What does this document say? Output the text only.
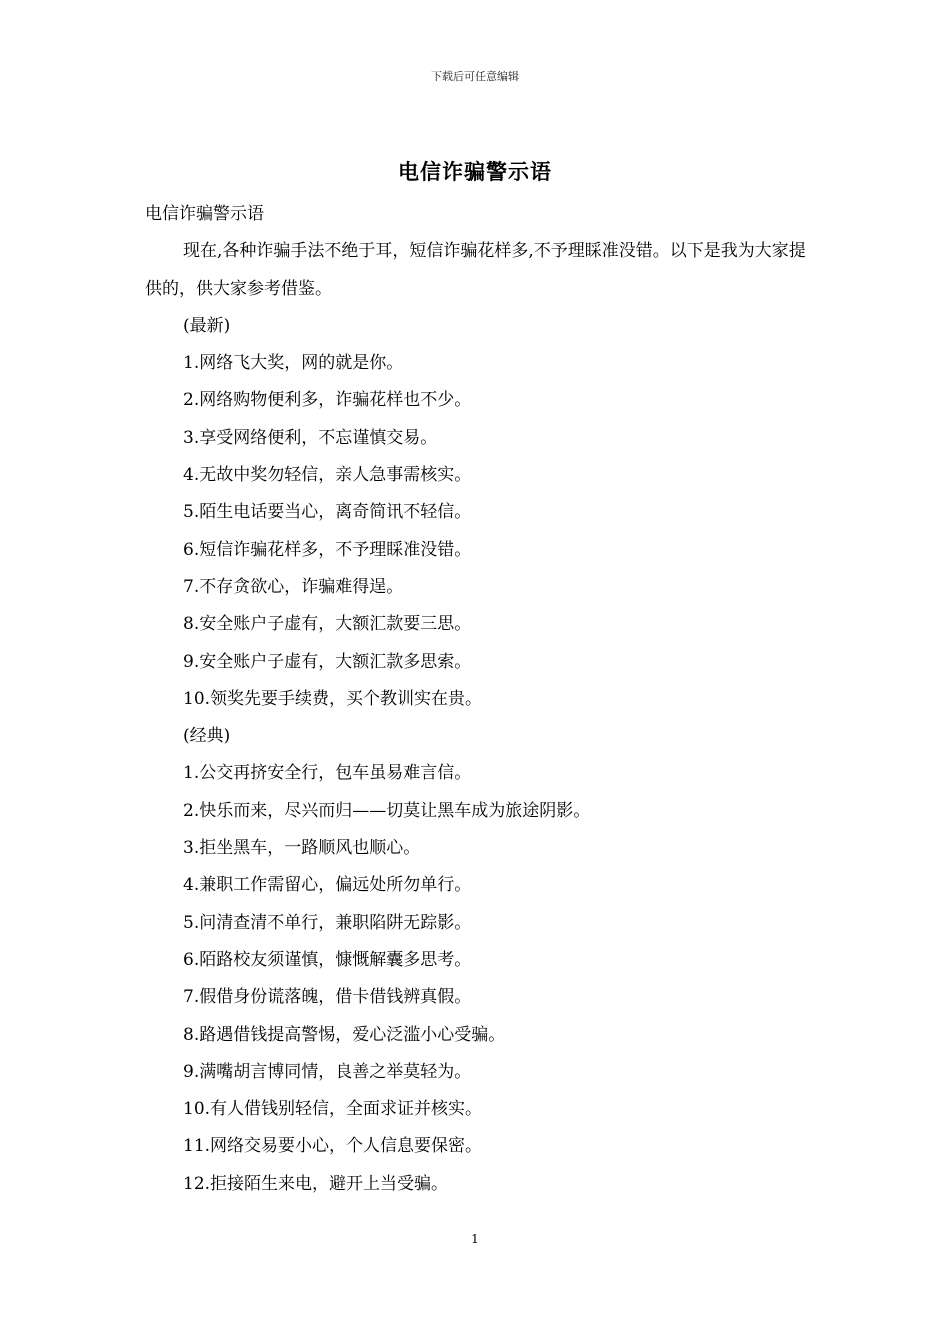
下载后可任意编辑
电信诈骗警示语

电信诈骗警示语

现在,各种诈骗手法不绝于耳，短信诈骗花样多,不予理睬准没错。以下是我为大家提供的，供大家参考借鉴。

(最新)

1.网络飞大奖，网的就是你。

2.网络购物便利多，诈骗花样也不少。

3.享受网络便利，不忘谨慎交易。

4.无故中奖勿轻信，亲人急事需核实。

5.陌生电话要当心，离奇简讯不轻信。

6.短信诈骗花样多，不予理睬准没错。

7.不存贪欲心，诈骗难得逞。

8.安全账户子虚有，大额汇款要三思。

9.安全账户子虚有，大额汇款多思索。

10.领奖先要手续费，买个教训实在贵。

(经典)

1.公交再挤安全行，包车虽易难言信。

2.快乐而来，尽兴而归——切莫让黑车成为旅途阴影。

3.拒坐黑车，一路顺风也顺心。

4.兼职工作需留心，偏远处所勿单行。

5.问清查清不单行，兼职陷阱无踪影。

6.陌路校友须谨慎，慷慨解囊多思考。

7.假借身份谎落魄，借卡借钱辨真假。

8.路遇借钱提高警惕，爱心泛滥小心受骗。

9.满嘴胡言博同情，良善之举莫轻为。

10.有人借钱别轻信，全面求证并核实。

11.网络交易要小心，个人信息要保密。

12.拒接陌生来电，避开上当受骗。

1
